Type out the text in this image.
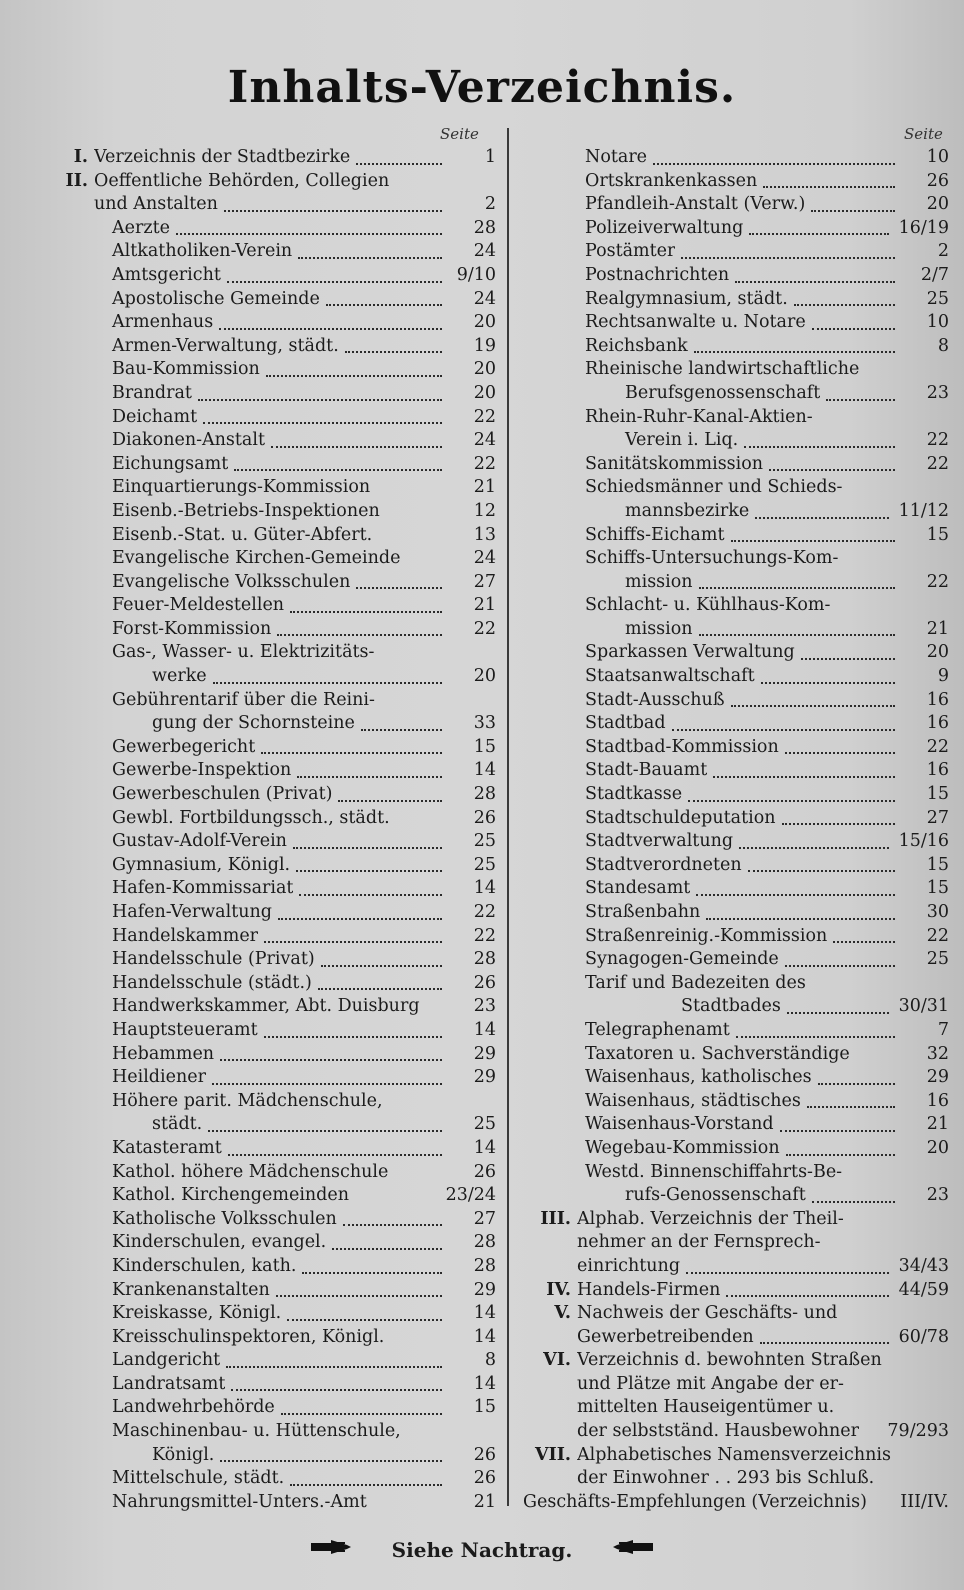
Inhalts-Verzeichnis.
Seite	Seite
I. Verzeichnis der Stadtbezirke	1
II. Oeffentliche Behörden, Collegien
und Anstalten	2
Aerzte	28
Altkatholiken-Verein	24
Amtsgericht	9/10
Apostolische Gemeinde	24
Armenhaus	20
Armen-Verwaltung, städt.	19
Bau-Kommission	20
Brandrat	20
Deichamt	22
Diakonen-Anstalt	24
Eichungsamt	22
Einquartierungs-Kommission	21
Eisenb.-Betriebs-Inspektionen	12
Eisenb.-Stat. u. Güter-Abfert.	13
Evangelische Kirchen-Gemeinde	24
Evangelische Volksschulen	27
Feuer-Meldestellen	21
Forst-Kommission	22
Gas-, Wasser- u. Elektrizitäts-
werke	20
Gebührentarif über die Reini-
gung der Schornsteine	33
Gewerbegericht	15
Gewerbe-Inspektion	14
Gewerbeschulen (Privat)	28
Gewbl. Fortbildungssch., städt.	26
Gustav-Adolf-Verein	25
Gymnasium, Königl.	25
Hafen-Kommissariat	14
Hafen-Verwaltung	22
Handelskammer	22
Handelsschule (Privat)	28
Handelsschule (städt.)	26
Handwerkskammer, Abt. Duisburg	23
Hauptsteueramt	14
Hebammen	29
Heildiener	29
Höhere parit. Mädchenschule,
städt.	25
Katasteramt	14
Kathol. höhere Mädchenschule	26
Kathol. Kirchengemeinden	23/24
Katholische Volksschulen	27
Kinderschulen, evangel.	28
Kinderschulen, kath.	28
Krankenanstalten	29
Kreiskasse, Königl.	14
Kreisschulinspektoren, Königl.	14
Landgericht	8
Landratsamt	14
Landwehrbehörde	15
Maschinenbau- u. Hüttenschule,
Königl.	26
Mittelschule, städt.	26
Nahrungsmittel-Unters.-Amt	21
Notare	10
Ortskrankenkassen	26
Pfandleih-Anstalt (Verw.)	20
Polizeiverwaltung	16/19
Postämter	2
Postnachrichten	2/7
Realgymnasium, städt.	25
Rechtsanwalte u. Notare	10
Reichsbank	8
Rheinische landwirtschaftliche
Berufsgenossenschaft	23
Rhein-Ruhr-Kanal-Aktien-
Verein i. Liq.	22
Sanitätskommission	22
Schiedsmänner und Schieds-
mannsbezirke	11/12
Schiffs-Eichamt	15
Schiffs-Untersuchungs-Kom-
mission	22
Schlacht- u. Kühlhaus-Kom-
mission	21
Sparkassen Verwaltung	20
Staatsanwaltschaft	9
Stadt-Ausschuß	16
Stadtbad	16
Stadtbad-Kommission	22
Stadt-Bauamt	16
Stadtkasse	15
Stadtschuldeputation	27
Stadtverwaltung	15/16
Stadtverordneten	15
Standesamt	15
Straßenbahn	30
Straßenreinig.-Kommission	22
Synagogen-Gemeinde	25
Tarif und Badezeiten des
Stadtbades	30/31
Telegraphenamt	7
Taxatoren u. Sachverständige	32
Waisenhaus, katholisches	29
Waisenhaus, städtisches	16
Waisenhaus-Vorstand	21
Wegebau-Kommission	20
Westd. Binnenschiffahrts-Be-
rufs-Genossenschaft	23
III. Alphab. Verzeichnis der Theil-
nehmer an der Fernsprech-
einrichtung	34/43
IV. Handels-Firmen	44/59
V. Nachweis der Geschäfts- und
Gewerbetreibenden	60/78
VI. Verzeichnis d. bewohnten Straßen
und Plätze mit Angabe der er-
mittelten Hauseigentümer u.
der selbstständ. Hausbewohner 79/293
VII. Alphabetisches Namensverzeichnis
der Einwohner . . 293 bis Schluß.
Geschäfts-Empfehlungen (Verzeichnis) III/IV.
Siehe Nachtrag.
